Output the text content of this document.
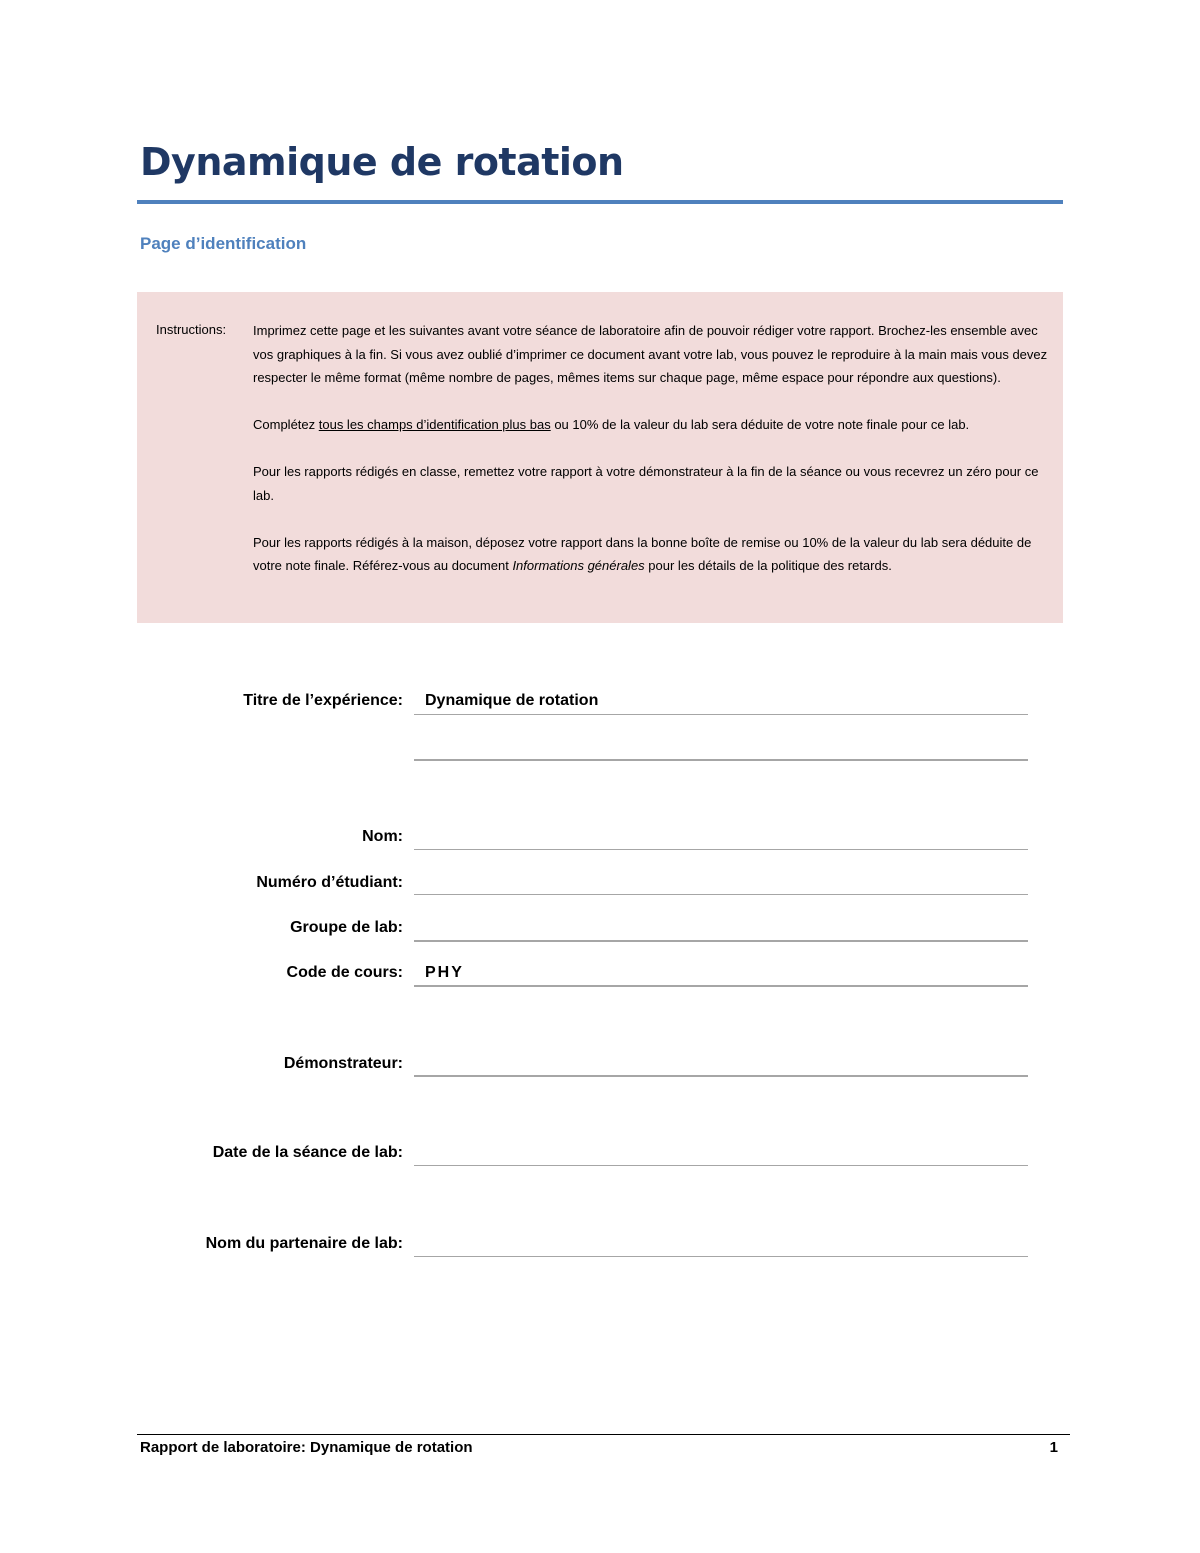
Dynamique de rotation
Page d’identification
Instructions: Imprimez cette page et les suivantes avant votre séance de laboratoire afin de pouvoir rédiger votre rapport. Brochez-les ensemble avec vos graphiques à la fin. Si vous avez oublié d’imprimer ce document avant votre lab, vous pouvez le reproduire à la main mais vous devez respecter le même format (même nombre de pages, mêmes items sur chaque page, même espace pour répondre aux questions).

Complétez tous les champs d’identification plus bas ou 10% de la valeur du lab sera déduite de votre note finale pour ce lab.

Pour les rapports rédigés en classe, remettez votre rapport à votre démonstrateur à la fin de la séance ou vous recevrez un zéro pour ce lab.

Pour les rapports rédigés à la maison, déposez votre rapport dans la bonne boîte de remise ou 10% de la valeur du lab sera déduite de votre note finale. Référez-vous au document Informations générales pour les détails de la politique des retards.

Titre de l’expérience: Dynamique de rotation
Nom:
Numéro d’étudiant:
Groupe de lab:
Code de cours: PHY
Démonstrateur:
Date de la séance de lab:
Nom du partenaire de lab:
Rapport de laboratoire: Dynamique de rotation	1
